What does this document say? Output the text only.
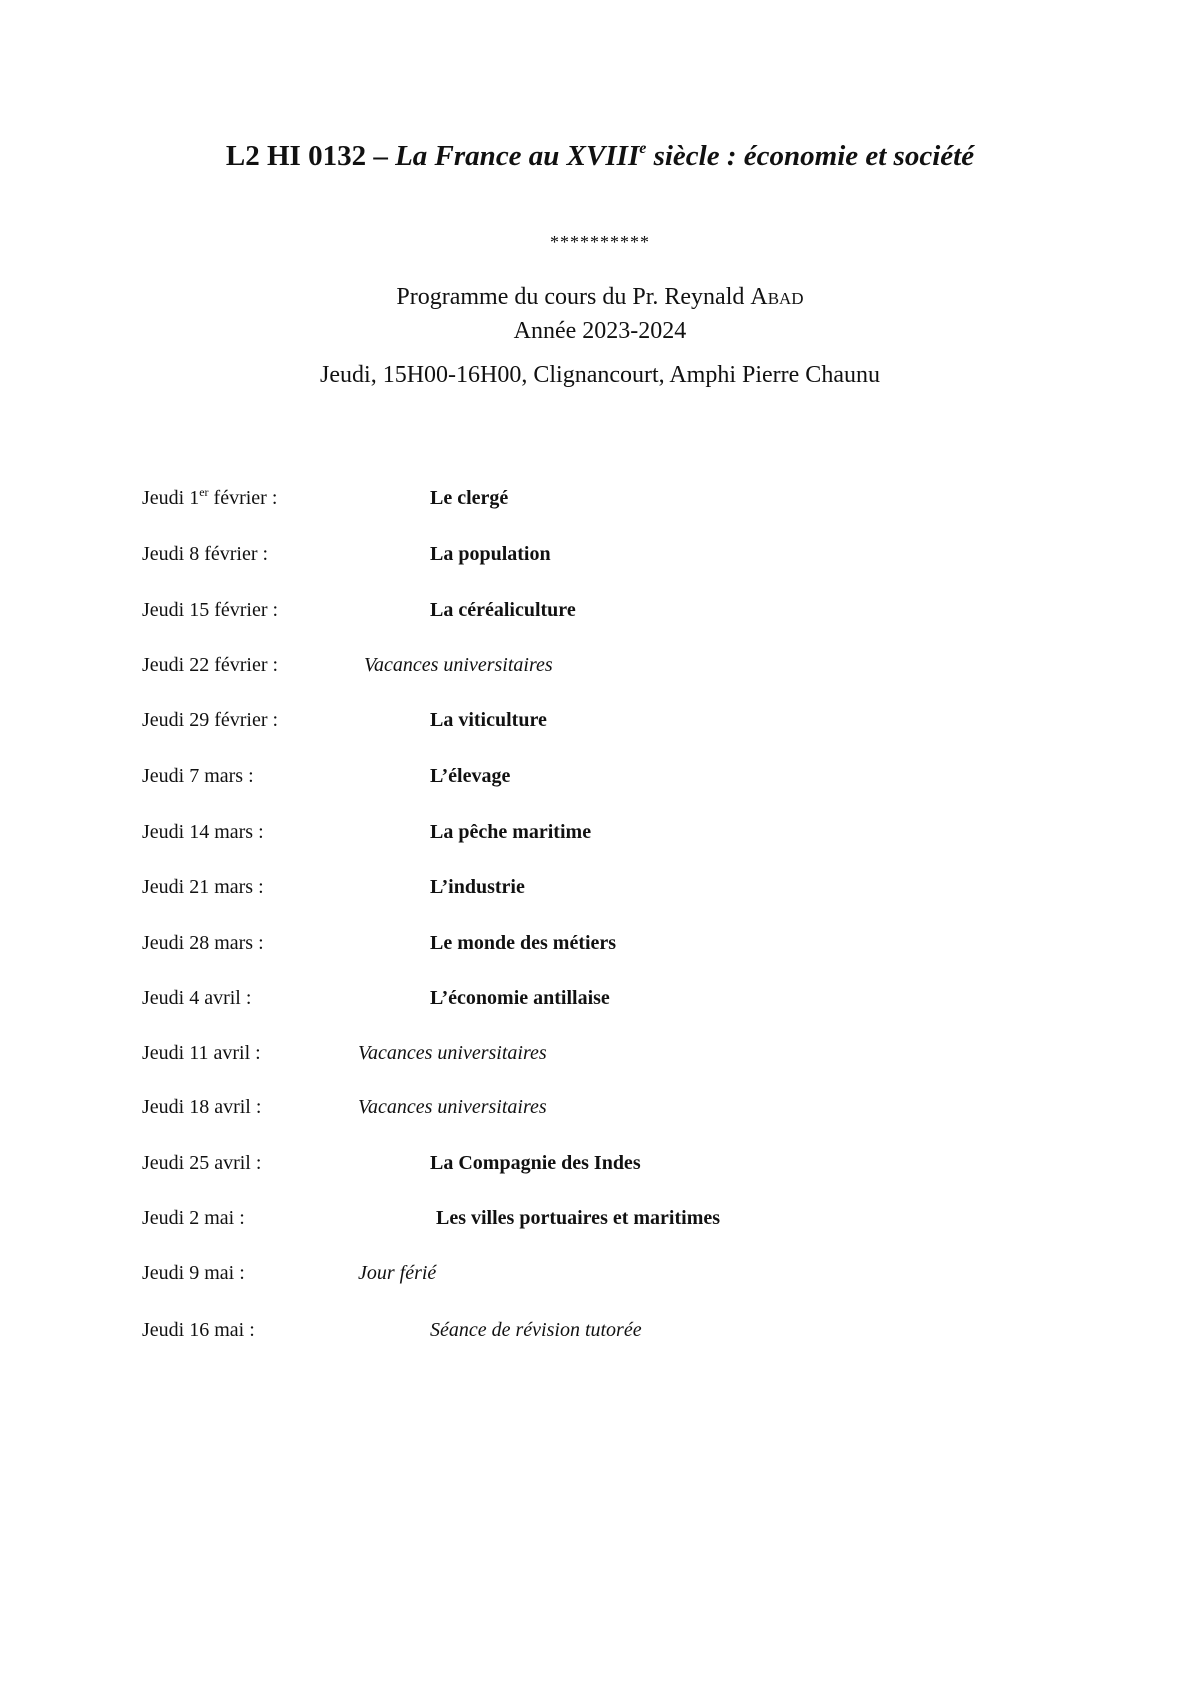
L2 HI 0132 – La France au XVIIIe siècle : économie et société
**********
Programme du cours du Pr. Reynald Abad
Année 2023-2024
Jeudi, 15H00-16H00, Clignancourt, Amphi Pierre Chaunu
Jeudi 1er février :	Le clergé
Jeudi 8 février :	La population
Jeudi 15 février :	La céréaliculture
Jeudi 22 février :	Vacances universitaires
Jeudi 29 février :	La viticulture
Jeudi 7 mars :	L’élevage
Jeudi 14 mars :	La pêche maritime
Jeudi 21 mars :	L’industrie
Jeudi 28 mars :	Le monde des métiers
Jeudi 4 avril :	L’économie antillaise
Jeudi 11 avril :	Vacances universitaires
Jeudi 18 avril :	Vacances universitaires
Jeudi 25 avril :	La Compagnie des Indes
Jeudi 2 mai :	Les villes portuaires et maritimes
Jeudi 9 mai :	Jour férié
Jeudi 16 mai :	Séance de révision tutorée
